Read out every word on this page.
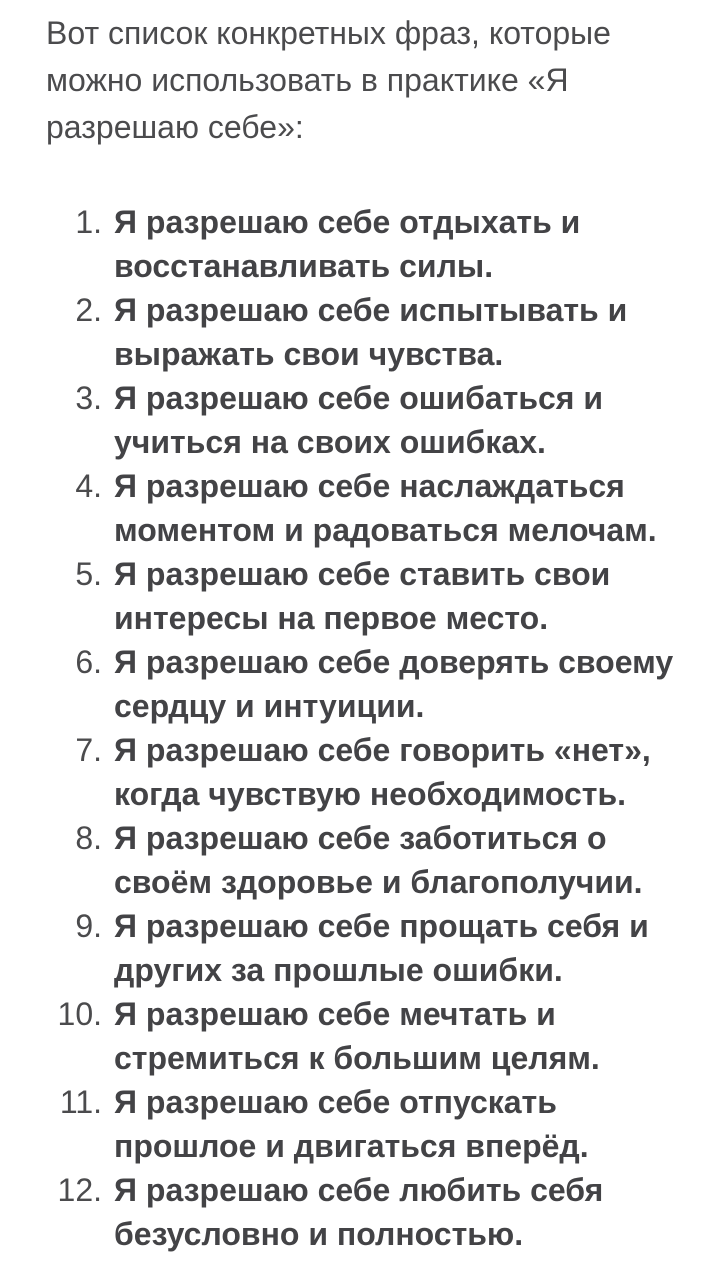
Вот список конкретных фраз, которые
можно использовать в практике «Я
разрешаю себе»:

1. Я разрешаю себе отдыхать и
восстанавливать силы.
2. Я разрешаю себе испытывать и
выражать свои чувства.
3. Я разрешаю себе ошибаться и
учиться на своих ошибках.
4. Я разрешаю себе наслаждаться
моментом и радоваться мелочам.
5. Я разрешаю себе ставить свои
интересы на первое место.
6. Я разрешаю себе доверять своему
сердцу и интуиции.
7. Я разрешаю себе говорить «нет»,
когда чувствую необходимость.
8. Я разрешаю себе заботиться о
своём здоровье и благополучии.
9. Я разрешаю себе прощать себя и
других за прошлые ошибки.
10. Я разрешаю себе мечтать и
стремиться к большим целям.
11. Я разрешаю себе отпускать
прошлое и двигаться вперёд.
12. Я разрешаю себе любить себя
безусловно и полностью.
